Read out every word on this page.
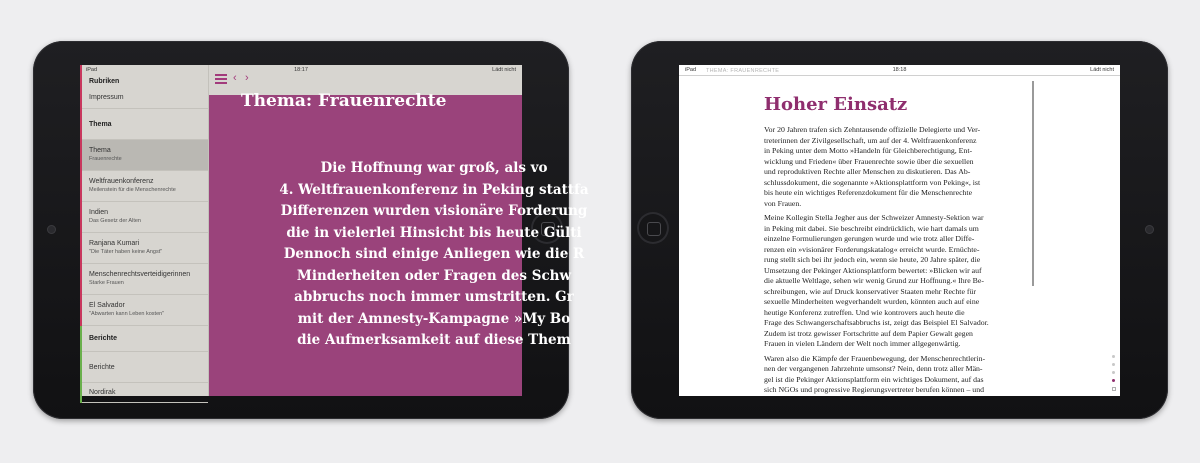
iPad	18:17	Lädt nicht
Rubriken
Impressum
Thema
Thema
Frauenrechte
Weltfrauenkonferenz
Meilenstein für die Menschenrechte
Indien
Das Gesetz der Alten
Ranjana Kumari
"Die Täter haben keine Angst"
Menschenrechtsverteidigerinnen
Starke Frauen
El Salvador
"Abwarten kann Leben kosten"
Berichte
Berichte
Nordirak
‹ ›
Thema: Frauenrechte
Die Hoffnung war groß, als vo
4. Weltfrauenkonferenz in Peking stattfa
Differenzen wurden visionäre Forderung
die in vielerlei Hinsicht bis heute Gülti
Dennoch sind einige Anliegen wie die R
Minderheiten oder Fragen des Schw
abbruchs noch immer umstritten. Gr
mit der Amnesty-Kampagne »My Bo
die Aufmerksamkeit auf diese Them
iPad	18:18	Lädt nicht
THEMA: FRAUENRECHTE
Hoher Einsatz

Vor 20 Jahren trafen sich Zehntausende offizielle Delegierte und Ver-
treterinnen der Zivilgesellschaft, um auf der 4. Weltfrauenkonferenz
in Peking unter dem Motto »Handeln für Gleichberechtigung, Ent-
wicklung und Frieden« über Frauenrechte sowie über die sexuellen
und reproduktiven Rechte aller Menschen zu diskutieren. Das Ab-
schlussdokument, die sogenannte »Aktionsplattform von Peking«, ist
bis heute ein wichtiges Referenzdokument für die Menschenrechte
von Frauen.

Meine Kollegin Stella Jegher aus der Schweizer Amnesty-Sektion war
in Peking mit dabei. Sie beschreibt eindrücklich, wie hart damals um
einzelne Formulierungen gerungen wurde und wie trotz aller Diffe-
renzen ein »visionärer Forderungskatalog« erreicht wurde. Ernüchte-
rung stellt sich bei ihr jedoch ein, wenn sie heute, 20 Jahre später, die
Umsetzung der Pekinger Aktionsplattform bewertet: »Blicken wir auf
die aktuelle Weltlage, sehen wir wenig Grund zur Hoffnung.« Ihre Be-
schreibungen, wie auf Druck konservativer Staaten mehr Rechte für
sexuelle Minderheiten wegverhandelt wurden, könnten auch auf eine
heutige Konferenz zutreffen. Und wie kontrovers auch heute die
Frage des Schwangerschaftsabbruchs ist, zeigt das Beispiel El Salvador.
Zudem ist trotz gewisser Fortschritte auf dem Papier Gewalt gegen
Frauen in vielen Ländern der Welt noch immer allgegenwärtig.

Waren also die Kämpfe der Frauenbewegung, der Menschenrechtlerin-
nen der vergangenen Jahrzehnte umsonst? Nein, denn trotz aller Män-
gel ist die Pekinger Aktionsplattform ein wichtiges Dokument, auf das
sich NGOs und progressive Regierungsvertreter berufen können – und
